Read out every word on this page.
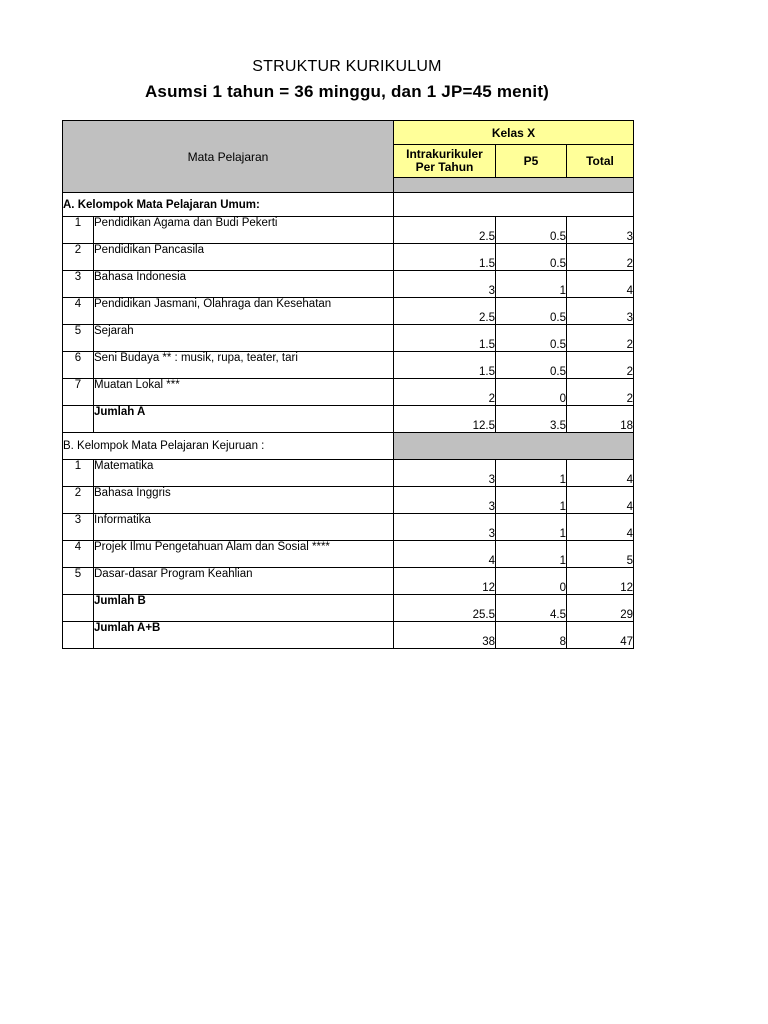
STRUKTUR KURIKULUM
Asumsi 1 tahun = 36 minggu, dan 1 JP=45 menit)
Mata Pelajaran		Kelas X		

		Intrakurikuler Per Tahun	P5	Total

A. Kelompok Mata Pelajaran Umum:				
1	Pendidikan Agama dan Budi Pekerti	2.5	0.5	3
2	Pendidikan Pancasila	1.5	0.5	2
3	Bahasa Indonesia	3	1	4
4	Pendidikan Jasmani, Olahraga dan Kesehatan	2.5	0.5	3
5	Sejarah	1.5	0.5	2
6	Seni Budaya ** : musik, rupa, teater, tari	1.5	0.5	2
7	Muatan Lokal ***	2	0	2
	Jumlah A	12.5	3.5	18
B. Kelompok Mata Pelajaran Kejuruan :				
1	Matematika	3	1	4
2	Bahasa Inggris	3	1	4
3	Informatika	3	1	4
4	Projek Ilmu Pengetahuan Alam dan Sosial ****	4	1	5
5	Dasar-dasar Program Keahlian	12	0	12
	Jumlah B	25.5	4.5	29
	Jumlah A+B	38	8	47
